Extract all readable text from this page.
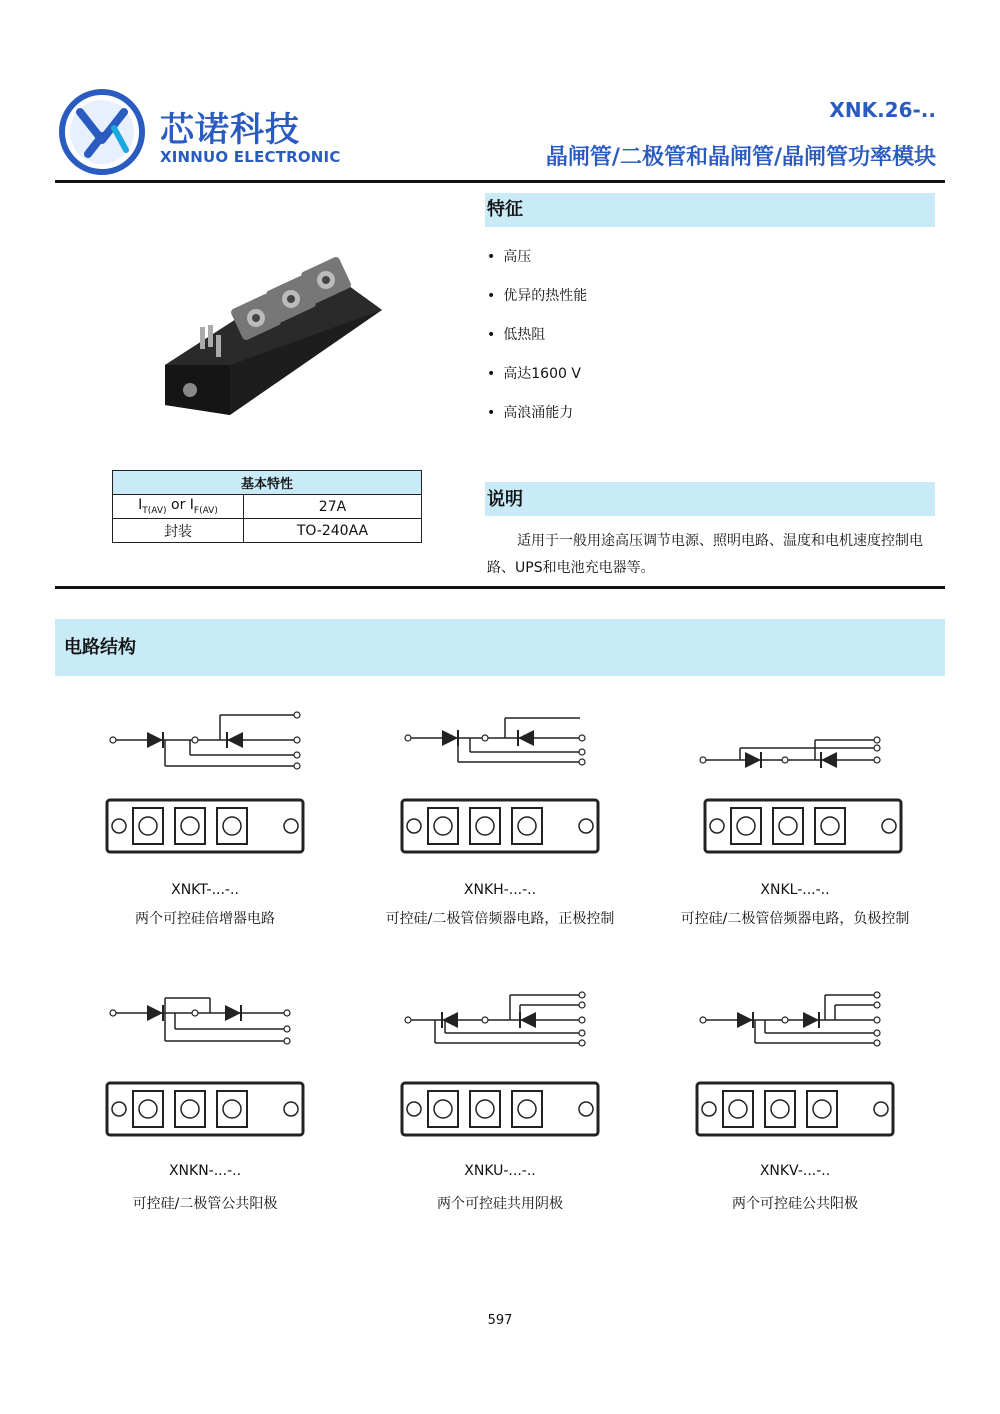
芯诺科技
XINNUO ELECTRONIC
XNK.26-..
晶闸管/二极管和晶闸管/晶闸管功率模块
基本特性	
$I_{T(AV)}$ or $I_{F(AV)}$	27A
封装	TO-240AA
特征
• 高压
• 优异的热性能
• 低热阻
• 高达1600 V
• 高浪涌能力
说明
适用于一般用途高压调节电源、照明电路、温度和电机速度控制电路、UPS和电池充电器等。
电路结构
XNKT-...-..
两个可控硅倍增器电路
XNKH-...-..
可控硅/二极管倍频器电路，正极控制
XNKL-...-..
可控硅/二极管倍频器电路，负极控制
XNKN-...-..
可控硅/二极管公共阳极
XNKU-...-..
两个可控硅共用阴极
XNKV-...-..
两个可控硅公共阳极
597
